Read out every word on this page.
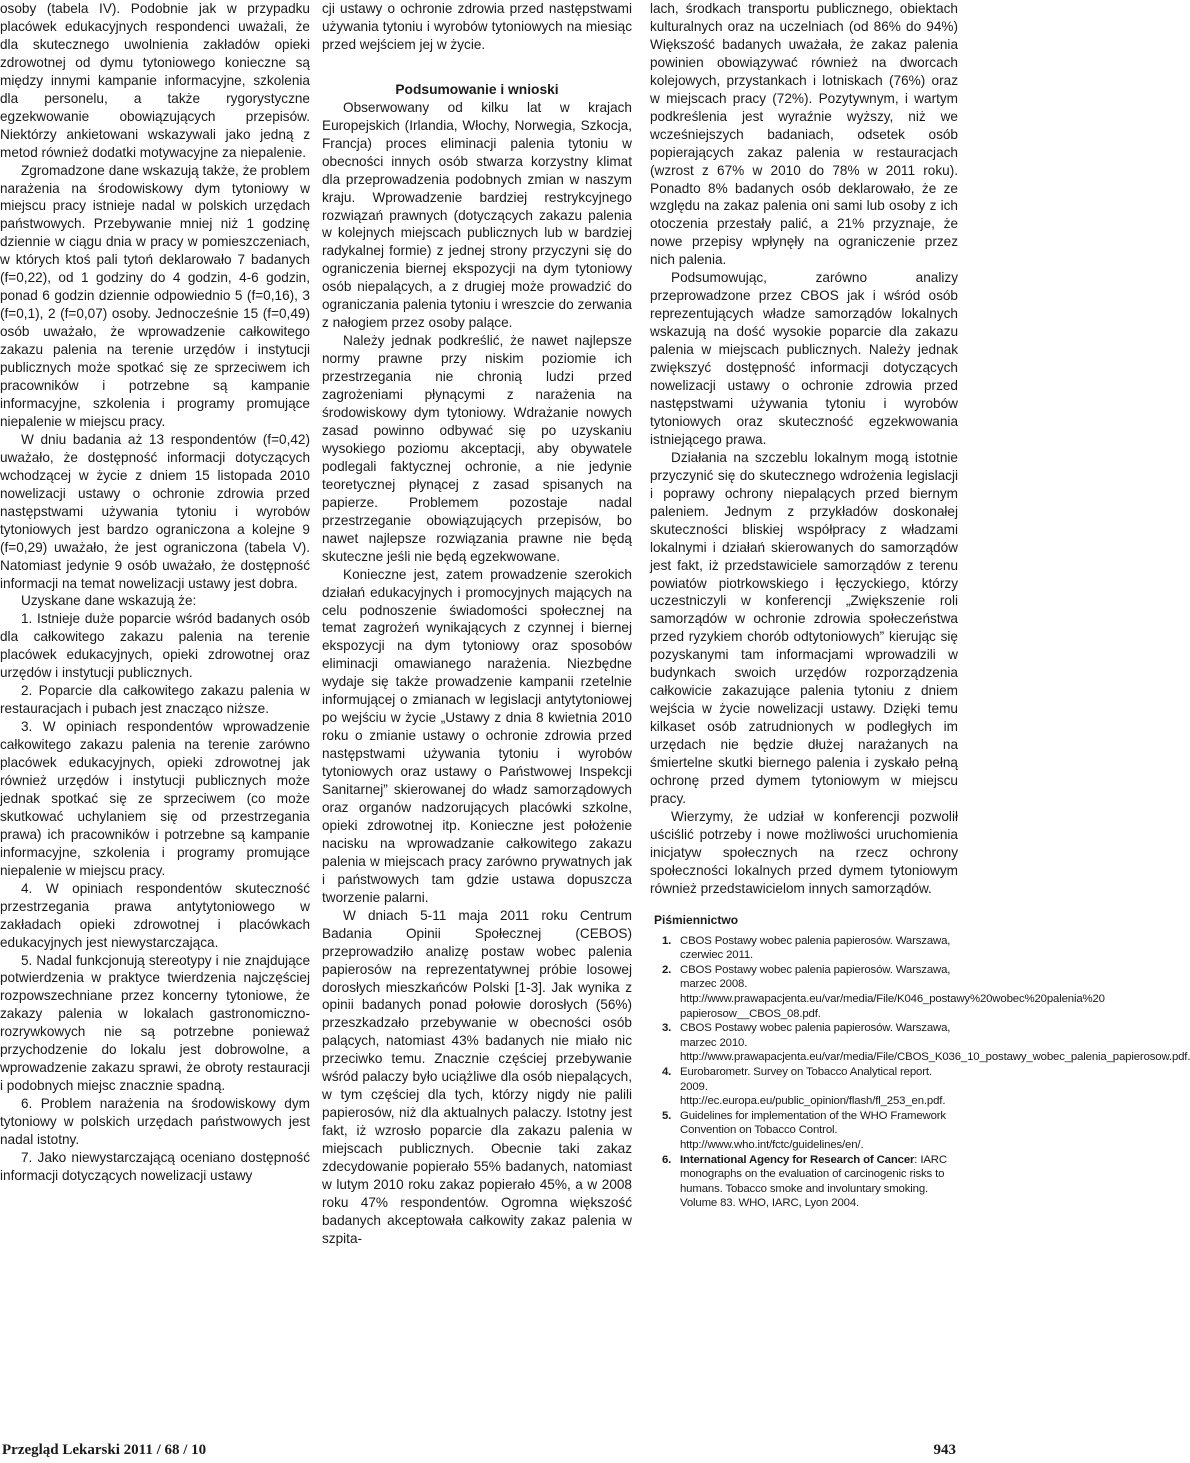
osoby (tabela IV). Podobnie jak w przypadku placówek edukacyjnych respondenci uważali, że dla skutecznego uwolnienia zakładów opieki zdrowotnej od dymu tytoniowego konieczne są między innymi kampanie informacyjne, szkolenia dla personelu, a także rygorystyczne egzekwowanie obowiązujących przepisów. Niektórzy ankietowani wskazywali jako jedną z metod również dodatki motywacyjne za niepalenie.

Zgromadzone dane wskazują także, że problem narażenia na środowiskowy dym tytoniowy w miejscu pracy istnieje nadal w polskich urzędach państwowych. Przebywanie mniej niż 1 godzinę dziennie w ciągu dnia w pracy w pomieszczeniach, w których ktoś pali tytoń deklarowało 7 badanych (f=0,22), od 1 godziny do 4 godzin, 4-6 godzin, ponad 6 godzin dziennie odpowiednio 5 (f=0,16), 3 (f=0,1), 2 (f=0,07) osoby. Jednocześnie 15 (f=0,49) osób uważało, że wprowadzenie całkowitego zakazu palenia na terenie urzędów i instytucji publicznych może spotkać się ze sprzeciwem ich pracowników i potrzebne są kampanie informacyjne, szkolenia i programy promujące niepalenie w miejscu pracy.

W dniu badania aż 13 respondentów (f=0,42) uważało, że dostępność informacji dotyczących wchodzącej w życie z dniem 15 listopada 2010 nowelizacji ustawy o ochronie zdrowia przed następstwami używania tytoniu i wyrobów tytoniowych jest bardzo ograniczona a kolejne 9 (f=0,29) uważało, że jest ograniczona (tabela V). Natomiast jedynie 9 osób uważało, że dostępność informacji na temat nowelizacji ustawy jest dobra.

Uzyskane dane wskazują że:

1. Istnieje duże poparcie wśród badanych osób dla całkowitego zakazu palenia na terenie placówek edukacyjnych, opieki zdrowotnej oraz urzędów i instytucji publicznych.

2. Poparcie dla całkowitego zakazu palenia w restauracjach i pubach jest znacząco niższe.

3. W opiniach respondentów wprowadzenie całkowitego zakazu palenia na terenie zarówno placówek edukacyjnych, opieki zdrowotnej jak również urzędów i instytucji publicznych może jednak spotkać się ze sprzeciwem (co może skutkować uchylaniem się od przestrzegania prawa) ich pracowników i potrzebne są kampanie informacyjne, szkolenia i programy promujące niepalenie w miejscu pracy.

4. W opiniach respondentów skuteczność przestrzegania prawa antytytoniowego w zakładach opieki zdrowotnej i placówkach edukacyjnych jest niewystarczająca.

5. Nadal funkcjonują stereotypy i nie znajdujące potwierdzenia w praktyce twierdzenia najczęściej rozpowszechniane przez koncerny tytoniowe, że zakazy palenia w lokalach gastronomiczno-rozrywkowych nie są potrzebne ponieważ przychodzenie do lokalu jest dobrowolne, a wprowadzenie zakazu sprawi, że obroty restauracji i podobnych miejsc znacznie spadną.

6. Problem narażenia na środowiskowy dym tytoniowy w polskich urzędach państwowych jest nadal istotny.

7. Jako niewystarczającą oceniano dostępność informacji dotyczących nowelizacji ustawy

cji ustawy o ochronie zdrowia przed następstwami używania tytoniu i wyrobów tytoniowych na miesiąc przed wejściem jej w życie.

Podsumowanie i wnioski

Obserwowany od kilku lat w krajach Europejskich (Irlandia, Włochy, Norwegia, Szkocja, Francja) proces eliminacji palenia tytoniu w obecności innych osób stwarza korzystny klimat dla przeprowadzenia podobnych zmian w naszym kraju. Wprowadzenie bardziej restrykcyjnego rozwiązań prawnych (dotyczących zakazu palenia w kolejnych miejscach publicznych lub w bardziej radykalnej formie) z jednej strony przyczyni się do ograniczenia biernej ekspozycji na dym tytoniowy osób niepalących, a z drugiej może prowadzić do ograniczania palenia tytoniu i wreszcie do zerwania z nałogiem przez osoby palące.

Należy jednak podkreślić, że nawet najlepsze normy prawne przy niskim poziomie ich przestrzegania nie chronią ludzi przed zagrożeniami płynącymi z narażenia na środowiskowy dym tytoniowy. Wdrażanie nowych zasad powinno odbywać się po uzyskaniu wysokiego poziomu akceptacji, aby obywatele podlegali faktycznej ochronie, a nie jedynie teoretycznej płynącej z zasad spisanych na papierze. Problemem pozostaje nadal przestrzeganie obowiązujących przepisów, bo nawet najlepsze rozwiązania prawne nie będą skuteczne jeśli nie będą egzekwowane.

Konieczne jest, zatem prowadzenie szerokich działań edukacyjnych i promocyjnych mających na celu podnoszenie świadomości społecznej na temat zagrożeń wynikających z czynnej i biernej ekspozycji na dym tytoniowy oraz sposobów eliminacji omawianego narażenia. Niezbędne wydaje się także prowadzenie kampanii rzetelnie informującej o zmianach w legislacji antytytoniowej po wejściu w życie „Ustawy z dnia 8 kwietnia 2010 roku o zmianie ustawy o ochronie zdrowia przed następstwami używania tytoniu i wyrobów tytoniowych oraz ustawy o Państwowej Inspekcji Sanitarnej” skierowanej do władz samorządowych oraz organów nadzorujących placówki szkolne, opieki zdrowotnej itp. Konieczne jest położenie nacisku na wprowadzanie całkowitego zakazu palenia w miejscach pracy zarówno prywatnych jak i państwowych tam gdzie ustawa dopuszcza tworzenie palarni.

W dniach 5-11 maja 2011 roku Centrum Badania Opinii Społecznej (CEBOS) przeprowadziło analizę postaw wobec palenia papierosów na reprezentatywnej próbie losowej dorosłych mieszkańców Polski [1-3]. Jak wynika z opinii badanych ponad połowie dorosłych (56%) przeszkadzało przebywanie w obecności osób palących, natomiast 43% badanych nie miało nic przeciwko temu. Znacznie częściej przebywanie wśród palaczy było uciążliwe dla osób niepalących, w tym częściej dla tych, którzy nigdy nie palili papierosów, niż dla aktualnych palaczy. Istotny jest fakt, iż wzrosło poparcie dla zakazu palenia w miejscach publicznych. Obecnie taki zakaz zdecydowanie popierało 55% badanych, natomiast w lutym 2010 roku zakaz popierało 45%, a w 2008 roku 47% respondentów. Ogromna większość badanych akceptowała całkowity zakaz palenia w szpita-

lach, środkach transportu publicznego, obiektach kulturalnych oraz na uczelniach (od 86% do 94%) Większość badanych uważała, że zakaz palenia powinien obowiązywać również na dworcach kolejowych, przystankach i lotniskach (76%) oraz w miejscach pracy (72%). Pozytywnym, i wartym podkreślenia jest wyraźnie wyższy, niż we wcześniejszych badaniach, odsetek osób popierających zakaz palenia w restauracjach (wzrost z 67% w 2010 do 78% w 2011 roku). Ponadto 8% badanych osób deklarowało, że ze względu na zakaz palenia oni sami lub osoby z ich otoczenia przestały palić, a 21% przyznaje, że nowe przepisy wpłynęły na ograniczenie przez nich palenia.

Podsumowując, zarówno analizy przeprowadzone przez CBOS jak i wśród osób reprezentujących władze samorządów lokalnych wskazują na dość wysokie poparcie dla zakazu palenia w miejscach publicznych. Należy jednak zwiększyć dostępność informacji dotyczących nowelizacji ustawy o ochronie zdrowia przed następstwami używania tytoniu i wyrobów tytoniowych oraz skuteczność egzekwowania istniejącego prawa.

Działania na szczeblu lokalnym mogą istotnie przyczynić się do skutecznego wdrożenia legislacji i poprawy ochrony niepalących przed biernym paleniem. Jednym z przykładów doskonałej skuteczności bliskiej współpracy z władzami lokalnymi i działań skierowanych do samorządów jest fakt, iż przedstawiciele samorządów z terenu powiatów piotrkowskiego i łęczyckiego, którzy uczestniczyli w konferencji „Zwiększenie roli samorządów w ochronie zdrowia społeczeństwa przed ryzykiem chorób odtytoniowych” kierując się pozyskanymi tam informacjami wprowadzili w budynkach swoich urzędów rozporządzenia całkowicie zakazujące palenia tytoniu z dniem wejścia w życie nowelizacji ustawy. Dzięki temu kilkaset osób zatrudnionych w podległych im urzędach nie będzie dłużej narażanych na śmiertelne skutki biernego palenia i zyskało pełną ochronę przed dymem tytoniowym w miejscu pracy.

Wierzymy, że udział w konferencji pozwolił uściślić potrzeby i nowe możliwości uruchomienia inicjatyw społecznych na rzecz ochrony społeczności lokalnych przed dymem tytoniowym również przedstawicielom innych samorządów.

Piśmiennictwo
1. CBOS Postawy wobec palenia papierosów. Warszawa, czerwiec 2011.
2. CBOS Postawy wobec palenia papierosów. Warszawa, marzec 2008. http://www.prawapacjenta.eu/var/media/File/K046_postawy%20wobec%20palenia%20 papierosow__CBOS_08.pdf.
3. CBOS Postawy wobec palenia papierosów. Warszawa, marzec 2010. http://www.prawapacjenta.eu/var/media/File/CBOS_K036_10_postawy_wobec_palenia_papierosow.pdf.
4. Eurobarometr. Survey on Tobacco Analytical report. 2009. http://ec.europa.eu/public_opinion/flash/fl_253_en.pdf.
5. Guidelines for implementation of the WHO Framework Convention on Tobacco Control. http://www.who.int/fctc/guidelines/en/.
6. International Agency for Research of Cancer: IARC monographs on the evaluation of carcinogenic risks to humans. Tobacco smoke and involuntary smoking. Volume 83. WHO, IARC, Lyon 2004.
Przegląd Lekarski 2011 / 68 / 10	943
